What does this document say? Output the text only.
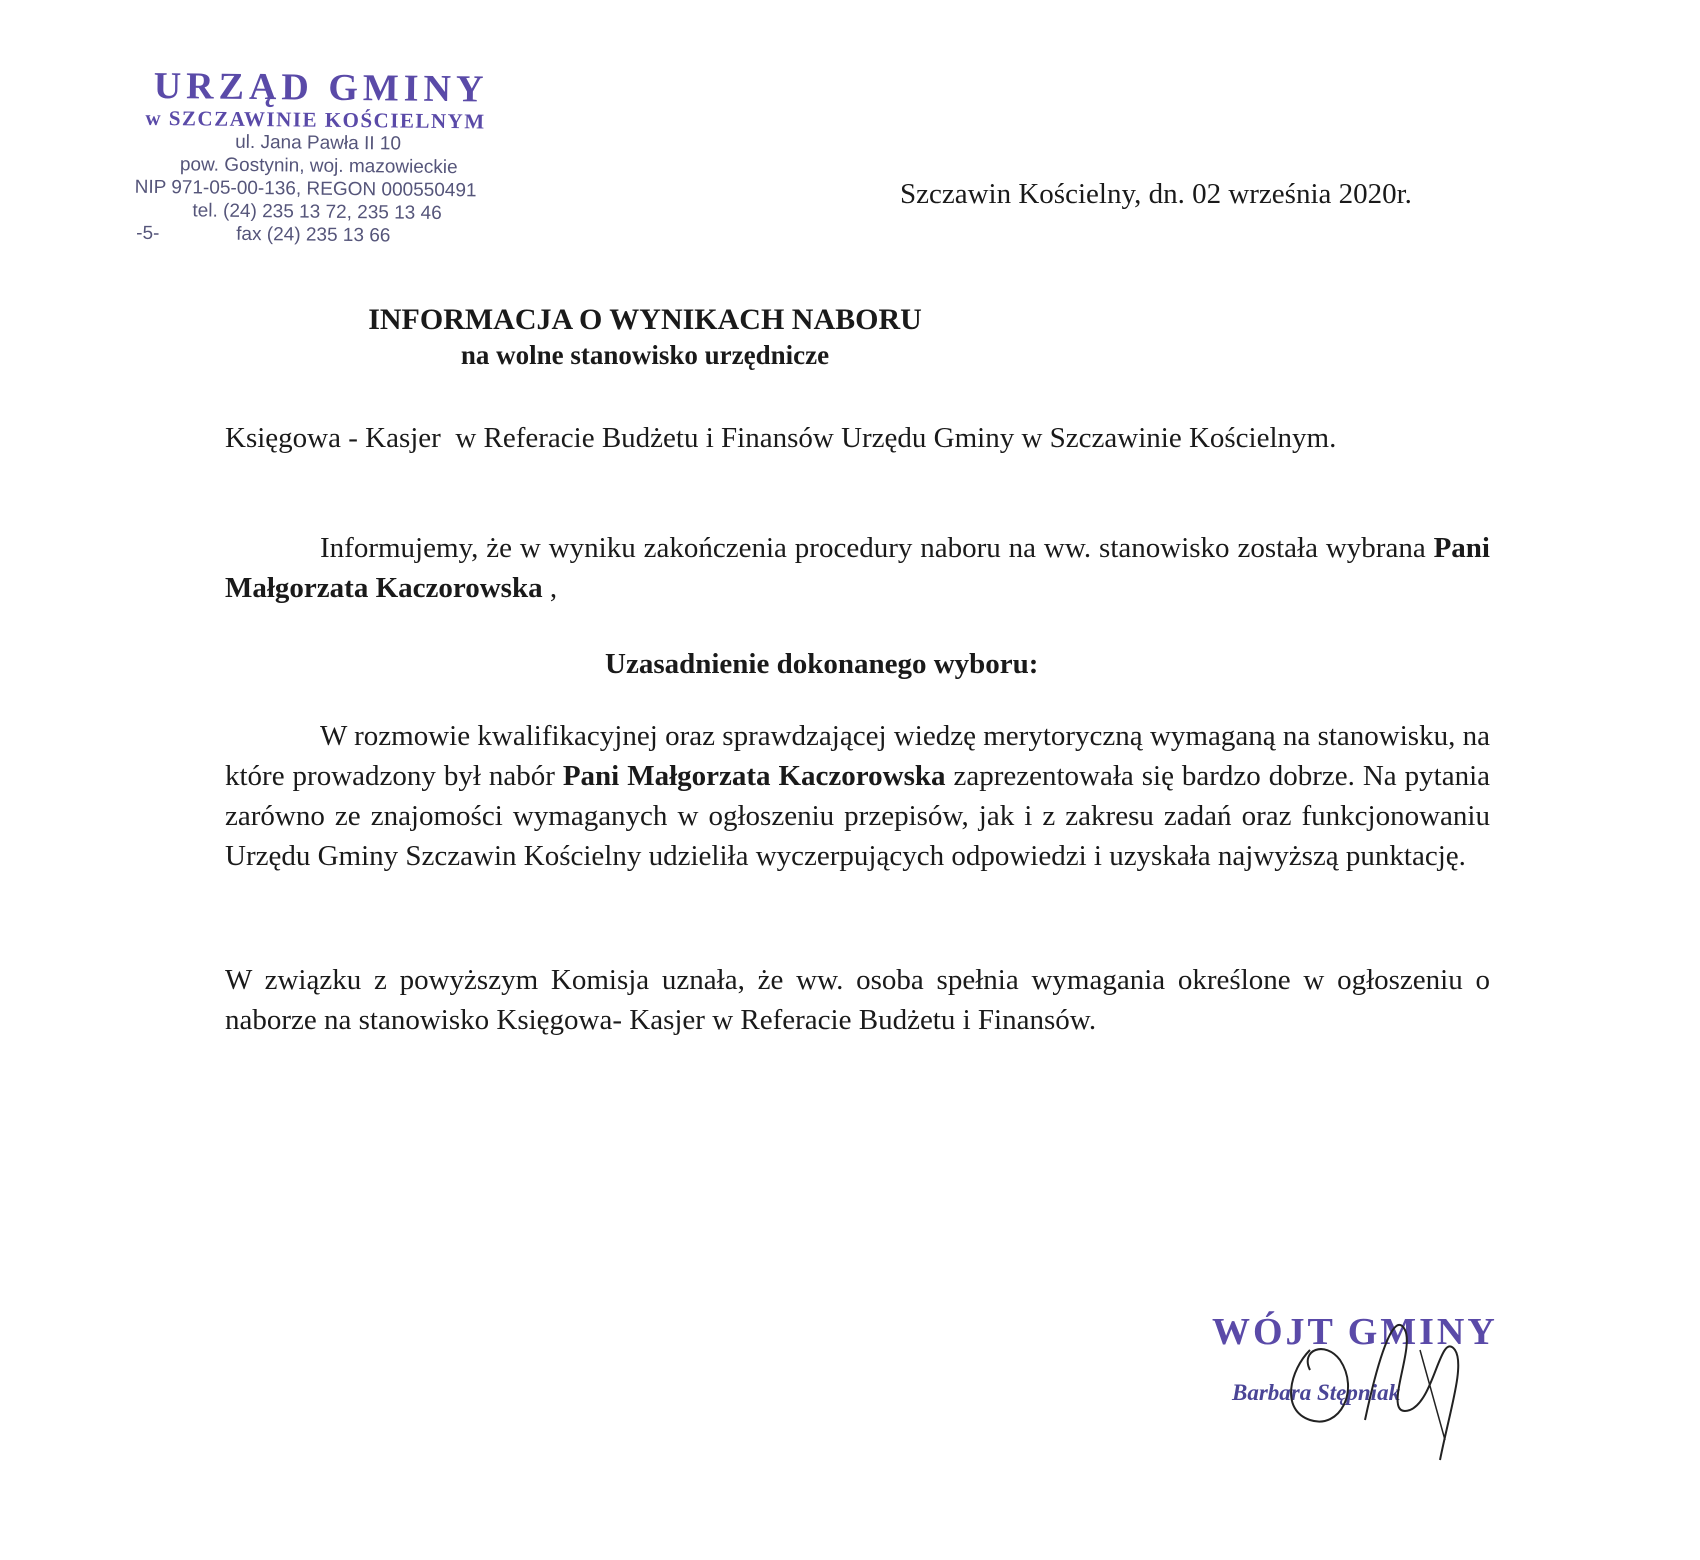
URZĄD GMINY
w SZCZAWINIE KOŚCIELNYM
ul. Jana Pawła II 10
pow. Gostynin, woj. mazowieckie
NIP 971-05-00-136, REGON 000550491
tel. (24) 235 13 72, 235 13 46
-5-	fax (24) 235 13 66
Szczawin Kościelny, dn. 02 września 2020r.
INFORMACJA O WYNIKACH NABORU
na wolne stanowisko urzędnicze
Księgowa - Kasjer  w Referacie Budżetu i Finansów Urzędu Gminy w Szczawinie Kościelnym.
Informujemy, że w wyniku zakończenia procedury naboru na ww. stanowisko została wybrana Pani Małgorzata Kaczorowska ,
Uzasadnienie dokonanego wyboru:
W rozmowie kwalifikacyjnej oraz sprawdzającej wiedzę merytoryczną wymaganą na stanowisku, na które prowadzony był nabór Pani Małgorzata Kaczorowska zaprezentowała się bardzo dobrze. Na pytania zarówno ze znajomości wymaganych w ogłoszeniu przepisów, jak i z zakresu zadań oraz funkcjonowaniu Urzędu Gminy Szczawin Kościelny udzieliła wyczerpujących odpowiedzi i uzyskała najwyższą punktację.
W związku z powyższym Komisja uznała, że ww. osoba spełnia wymagania określone w ogłoszeniu o naborze na stanowisko Księgowa- Kasjer w Referacie Budżetu i Finansów.
WÓJT GMINY
Barbara Stępniak
